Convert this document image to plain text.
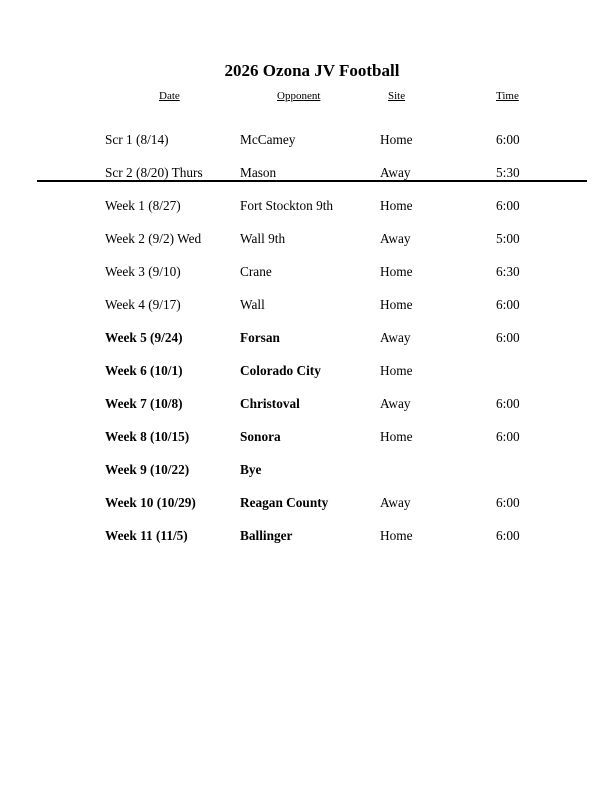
2026 Ozona JV Football
Date	Opponent	Site	Time
Scr 1 (8/14)	McCamey	Home	6:00
Scr 2 (8/20) Thurs	Mason	Away	5:30
Week 1 (8/27)	Fort Stockton 9th	Home	6:00
Week 2 (9/2) Wed	Wall 9th	Away	5:00
Week 3 (9/10)	Crane	Home	6:30
Week 4 (9/17)	Wall	Home	6:00
Week 5 (9/24)	Forsan	Away	6:00
Week 6 (10/1)	Colorado City	Home
Week 7 (10/8)	Christoval	Away	6:00
Week 8 (10/15)	Sonora	Home	6:00
Week 9 (10/22)	Bye
Week 10 (10/29)	Reagan County	Away	6:00
Week 11 (11/5)	Ballinger	Home	6:00
